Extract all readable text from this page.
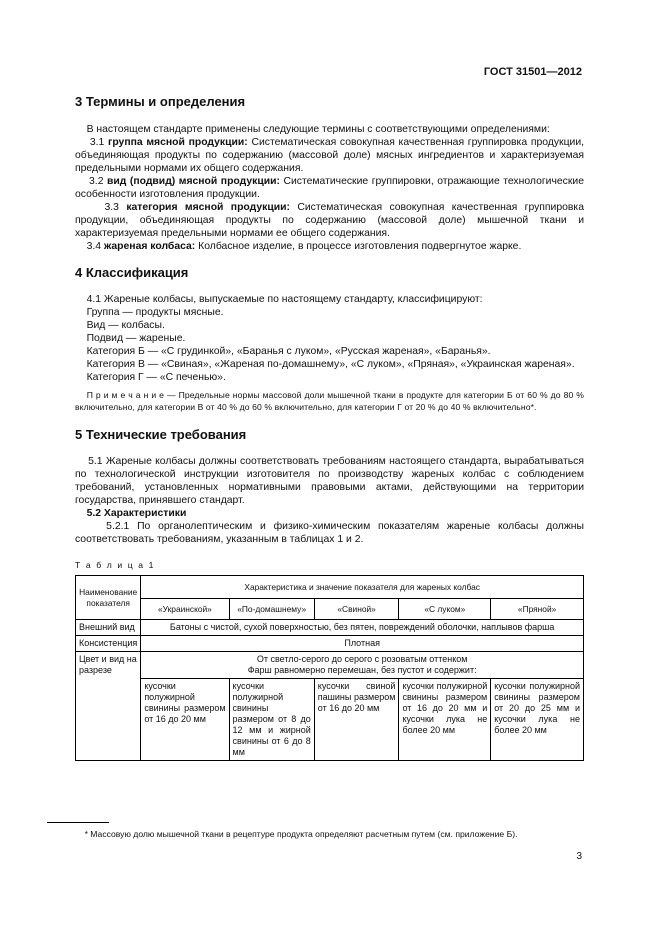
ГОСТ 31501—2012
3 Термины и определения

В настоящем стандарте применены следующие термины с соответствующими определениями:

3.1 группа мясной продукции: Систематическая совокупная качественная группировка продукции, объединяющая продукты по содержанию (массовой доле) мясных ингредиентов и характеризуемая предельными нормами их общего содержания.

3.2 вид (подвид) мясной продукции: Систематические группировки, отражающие технологические особенности изготовления продукции.

3.3 категория мясной продукции: Систематическая совокупная качественная группировка продукции, объединяющая продукты по содержанию (массовой доле) мышечной ткани и характеризуемая предельными нормами ее общего содержания.

3.4 жареная колбаса: Колбасное изделие, в процессе изготовления подвергнутое жарке.

4 Классификация

4.1 Жареные колбасы, выпускаемые по настоящему стандарту, классифицируют:

Группа — продукты мясные.

Вид — колбасы.

Подвид — жареные.

Категория Б — «С грудинкой», «Баранья с луком», «Русская жареная», «Баранья».

Категория В — «Свиная», «Жареная по-домашнему», «С луком», «Пряная», «Украинская жареная».

Категория Г — «С печенью».

П р и м е ч а н и е — Предельные нормы массовой доли мышечной ткани в продукте для категории Б от 60 % до 80 % включительно, для категории В от 40 % до 60 % включительно, для категории Г от 20 % до 40 % включительно*.

5 Технические требования

5.1 Жареные колбасы должны соответствовать требованиям настоящего стандарта, вырабатываться по технологической инструкции изготовителя по производству жареных колбас с соблюдением требований, установленных нормативными правовыми актами, действующими на территории государства, принявшего стандарт.

5.2 Характеристики

5.2.1 По органолептическим и физико-химическим показателям жареные колбасы должны соответствовать требованиям, указанным в таблицах 1 и 2.

Т а б л и ц а 1
Наименование показателя	Характеристика и значение показателя для жареных колбас				
	«Украинской»	«По-домашнему»	«Свиной»	«С луком»	«Пряной»
Внешний вид	Батоны с чистой, сухой поверхностью, без пятен, повреждений оболочки, наплывов фарша				
Консистенция	Плотная				
Цвет и вид на разрезе	От светло-серого до серого с розоватым оттенком
Фарш равномерно перемешан, без пустот и содержит:				
	кусочки полужирной свинины размером от 16 до 20 мм	кусочки полужирной свинины размером от 8 до 12 мм и жирной свинины от 6 до 8 мм	кусочки свиной пашины размером от 16 до 20 мм	кусочки полужирной свинины размером от 16 до 20 мм и кусочки лука не более 20 мм	кусочки полужирной свинины размером от 20 до 25 мм и кусочки лука не более 20 мм
* Массовую долю мышечной ткани в рецептуре продукта определяют расчетным путем (см. приложение Б).
3
